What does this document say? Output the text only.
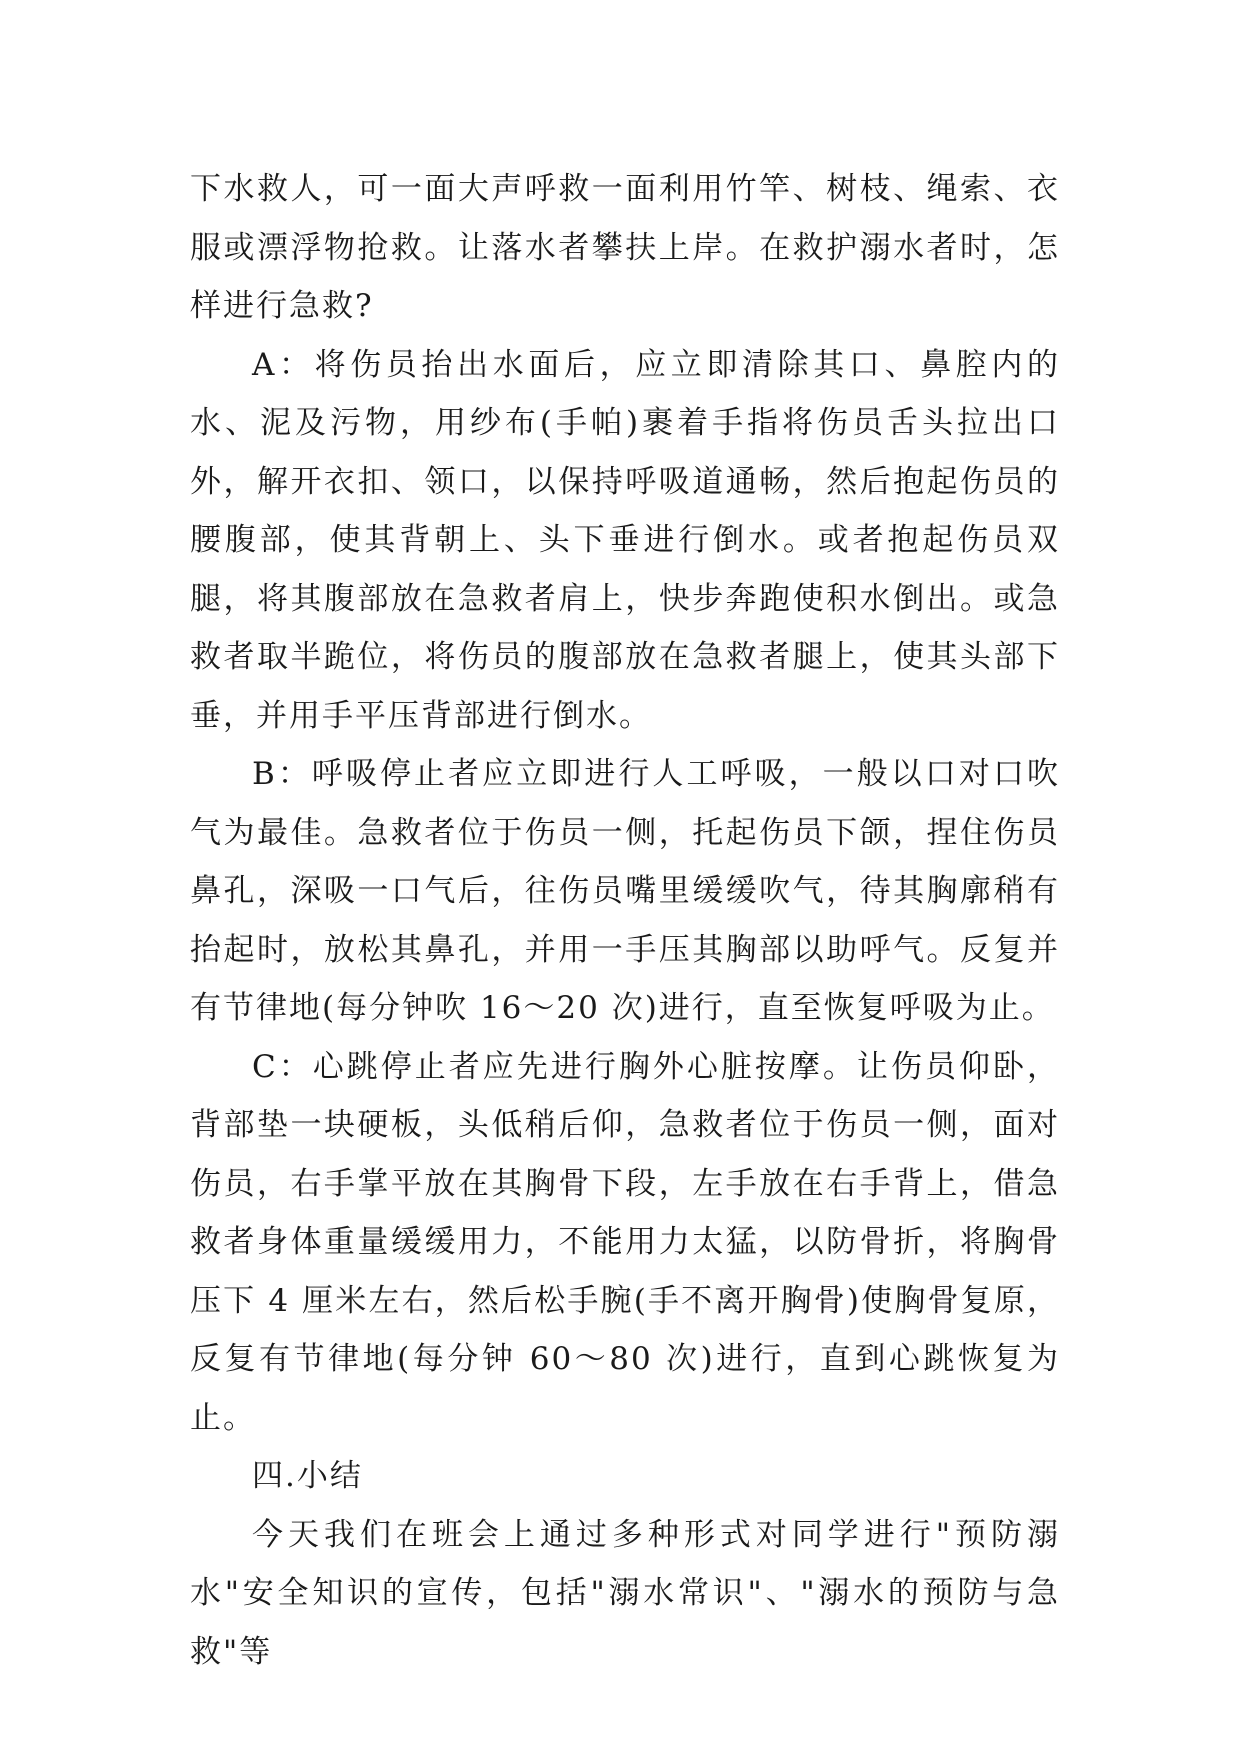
下水救人，可一面大声呼救一面利用竹竿、树枝、绳索、衣服或漂浮物抢救。让落水者攀扶上岸。在救护溺水者时，怎样进行急救?

A：将伤员抬出水面后，应立即清除其口、鼻腔内的水、泥及污物，用纱布(手帕)裹着手指将伤员舌头拉出口外，解开衣扣、领口，以保持呼吸道通畅，然后抱起伤员的腰腹部，使其背朝上、头下垂进行倒水。或者抱起伤员双腿，将其腹部放在急救者肩上，快步奔跑使积水倒出。或急救者取半跪位，将伤员的腹部放在急救者腿上，使其头部下垂，并用手平压背部进行倒水。

B：呼吸停止者应立即进行人工呼吸，一般以口对口吹气为最佳。急救者位于伤员一侧，托起伤员下颌，捏住伤员鼻孔，深吸一口气后，往伤员嘴里缓缓吹气，待其胸廓稍有抬起时，放松其鼻孔，并用一手压其胸部以助呼气。反复并有节律地(每分钟吹 16～20 次)进行，直至恢复呼吸为止。

C：心跳停止者应先进行胸外心脏按摩。让伤员仰卧，背部垫一块硬板，头低稍后仰，急救者位于伤员一侧，面对伤员，右手掌平放在其胸骨下段，左手放在右手背上，借急救者身体重量缓缓用力，不能用力太猛，以防骨折，将胸骨压下 4 厘米左右，然后松手腕(手不离开胸骨)使胸骨复原，反复有节律地(每分钟 60～80 次)进行，直到心跳恢复为止。

四.小结

今天我们在班会上通过多种形式对同学进行"预防溺水"安全知识的宣传，包括"溺水常识"、"溺水的预防与急救"等
